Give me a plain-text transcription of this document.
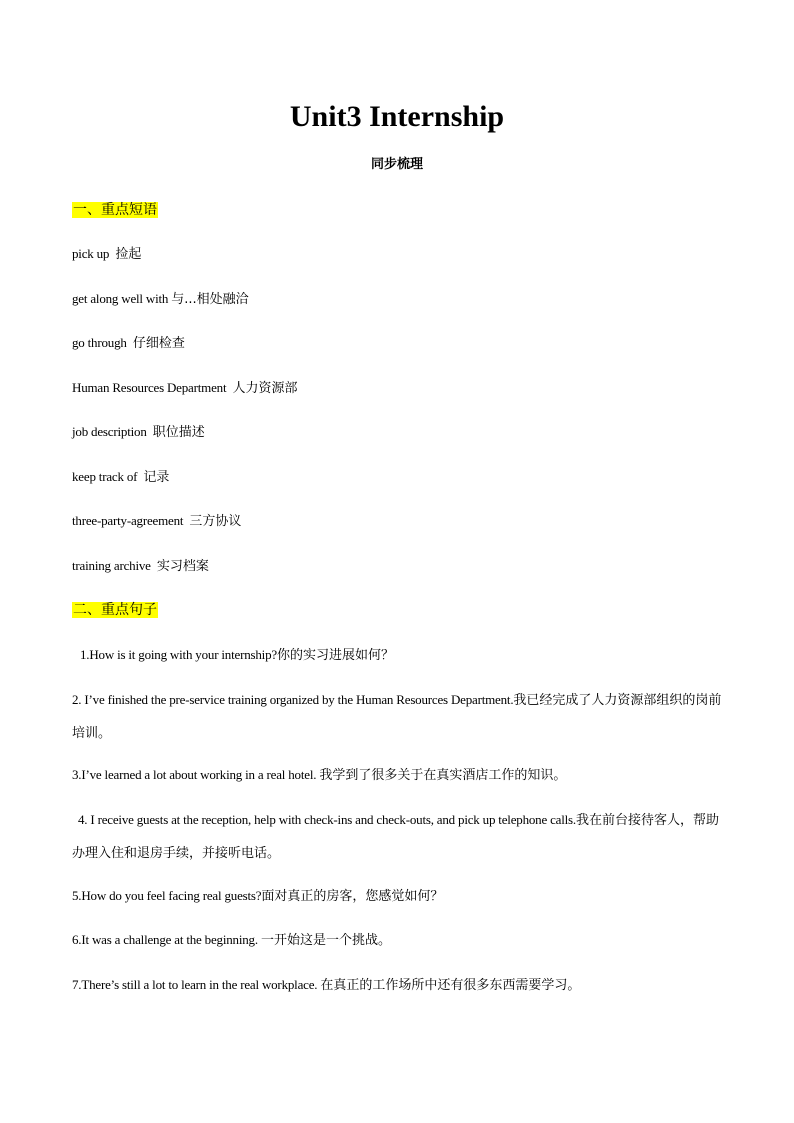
Unit3 Internship
同步梳理
一、重点短语
pick up 捡起
get along well with 与...相处融洽
go through 仔细检查
Human Resources Department 人力资源部
job description 职位描述
keep track of 记录
three-party-agreement 三方协议
training archive 实习档案
二、重点句子
1.How is it going with your internship?你的实习进展如何？
2. I’ve finished the pre-service training organized by the Human Resources Department.我已经完成了人力资源部组织的岗前培训。
3.I’ve learned a lot about working in a real hotel. 我学到了很多关于在真实酒店工作的知识。
4. I receive guests at the reception, help with check-ins and check-outs, and pick up telephone calls.我在前台接待客人，帮助办理入住和退房手续，并接听电话。
5.How do you feel facing real guests?面对真正的房客，您感觉如何？
6.It was a challenge at the beginning. 一开始这是一个挑战。
7.There’s still a lot to learn in the real workplace. 在真正的工作场所中还有很多东西需要学习。
